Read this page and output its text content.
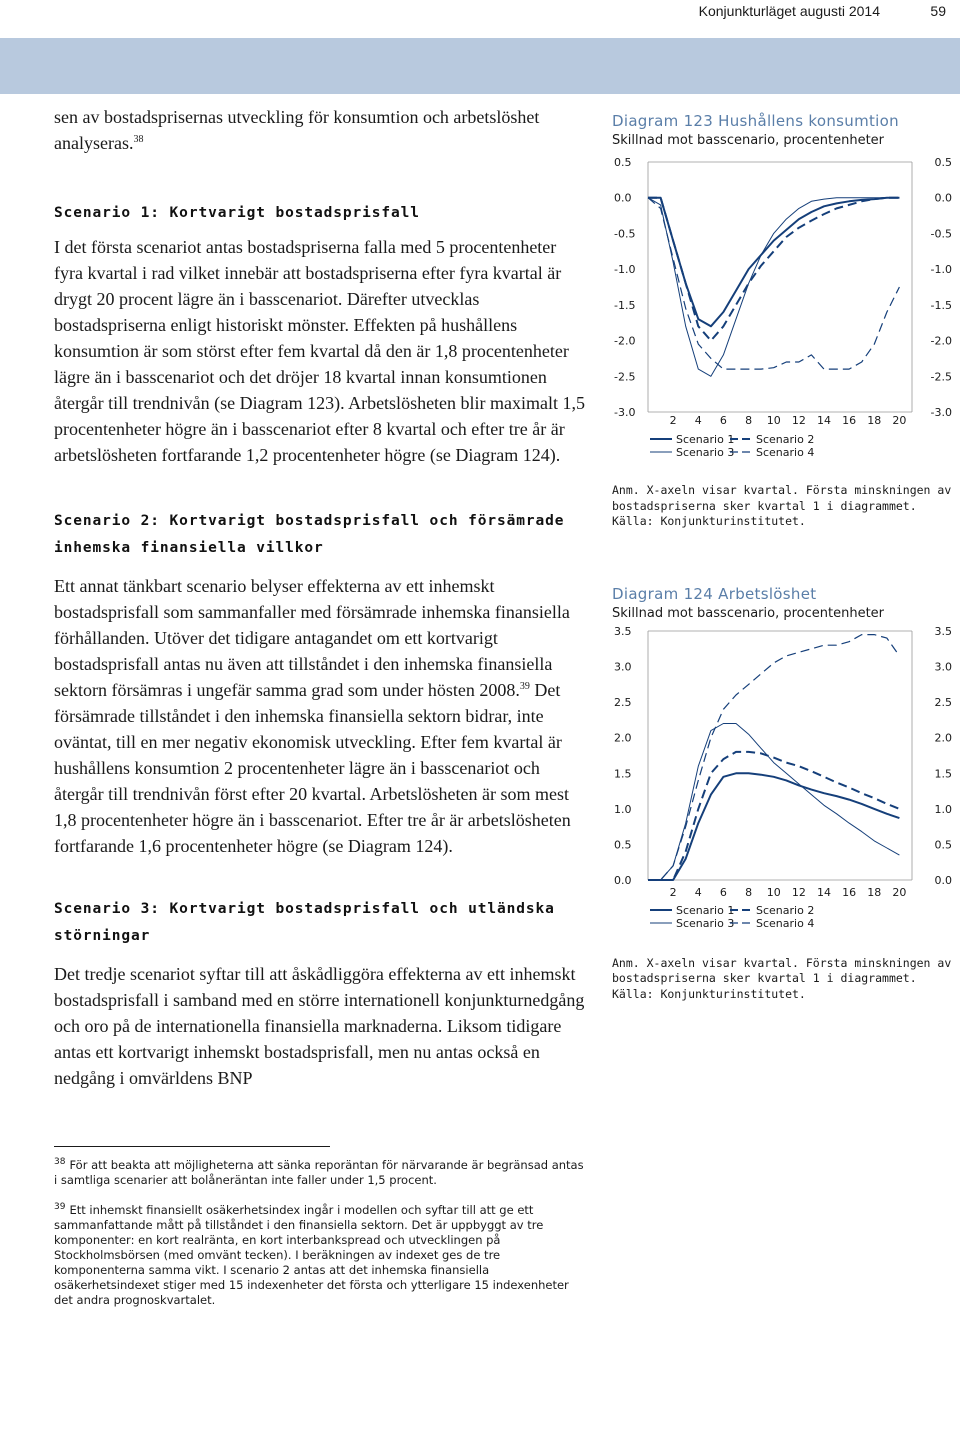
Konjunkturläget augusti 2014	59

sen av bostadsprisernas utveckling för konsumtion och arbetslöshet analyseras.$^{38}$

Scenario 1: Kortvarigt bostadsprisfall

I det första scenariot antas bostadspriserna falla med 5 procentenheter fyra kvartal i rad vilket innebär att bostadspriserna efter fyra kvartal är drygt 20 procent lägre än i basscenariot. Därefter utvecklas bostadspriserna enligt historiskt mönster. Effekten på hushållens konsumtion är som störst efter fem kvartal då den är 1,8 procentenheter lägre än i basscenariot och det dröjer 18 kvartal innan konsumtionen återgår till trendnivån (se Diagram 123). Arbetslösheten blir maximalt 1,5 procentenheter högre än i basscenariot efter 8 kvartal och efter tre år är arbetslösheten fortfarande 1,2 procentenheter högre (se Diagram 124).

Scenario 2: Kortvarigt bostadsprisfall och försämrade inhemska finansiella villkor

Ett annat tänkbart scenario belyser effekterna av ett inhemskt bostadsprisfall som sammanfaller med försämrade inhemska finansiella förhållanden. Utöver det tidigare antagandet om ett kortvarigt bostadsprisfall antas nu även att tillståndet i den inhemska finansiella sektorn försämras i ungefär samma grad som under hösten 2008.39 Det försämrade tillståndet i den inhemska finansiella sektorn bidrar, inte oväntat, till en mer negativ ekonomisk utveckling. Efter fem kvartal är hushållens konsumtion 2 procentenheter lägre än i basscenariot och återgår till trendnivån först efter 20 kvartal. Arbetslösheten är som mest 1,8 procentenheter högre än i basscenariot. Efter tre år är arbetslösheten fortfarande 1,6 procentenheter högre (se Diagram 124).

Scenario 3: Kortvarigt bostadsprisfall och utländska störningar

Det tredje scenariot syftar till att åskådliggöra effekterna av ett inhemskt bostadsprisfall i samband med en större internationell konjunkturnedgång och oro på de internationella finansiella marknaderna. Liksom tidigare antas ett kortvarigt inhemskt bostadsprisfall, men nu antas också en nedgång i omvärldens BNP

$^{38}$ För att beakta att möjligheterna att sänka reporäntan för närvarande är begränsad antas i samtliga scenarier att bolåneräntan inte faller under 1,5 procent.
$^{39}$ Ett inhemskt finansiellt osäkerhetsindex ingår i modellen och syftar till att ge ett sammanfattande mått på tillståndet i den finansiella sektorn. Det är uppbyggt av tre komponenter: en kort realränta, en kort interbankspread och utvecklingen på Stockholmsbörsen (med omvänt tecken). I beräkningen av indexet ges de tre komponenterna samma vikt. I scenario 2 antas att det inhemska finansiella osäkerhetsindexet stiger med 15 indexenheter det första och ytterligare 15 indexenheter det andra prognoskvartalet.

Diagram 123 Hushållens konsumtion

Skillnad mot basscenario, procentenheter

0.5	0.5
0.0	0.0
-0.5	-0.5
-1.0	-1.0
-1.5	-1.5
-2.0	-2.0
-2.5	-2.5
-3.0	-3.0
2 4 6 8 10 12 14 16 18 20
Scenario 1 Scenario 2
Scenario 3 Scenario 4

Anm. X-axeln visar kvartal. Första minskningen av bostadspriserna sker kvartal 1 i diagrammet.

Källa: Konjunkturinstitutet.

Diagram 124 Arbetslöshet

Skillnad mot basscenario, procentenheter

3.5	3.5
3.0	3.0
2.5	2.5
2.0	2.0
1.5	1.5
1.0	1.0
0.5	0.5
0.0	0.0
2 4 6 8 10 12 14 16 18 20
Scenario 1 Scenario 2
Scenario 3 Scenario 4

Anm. X-axeln visar kvartal. Första minskningen av bostadspriserna sker kvartal 1 i diagrammet.

Källa: Konjunkturinstitutet.
